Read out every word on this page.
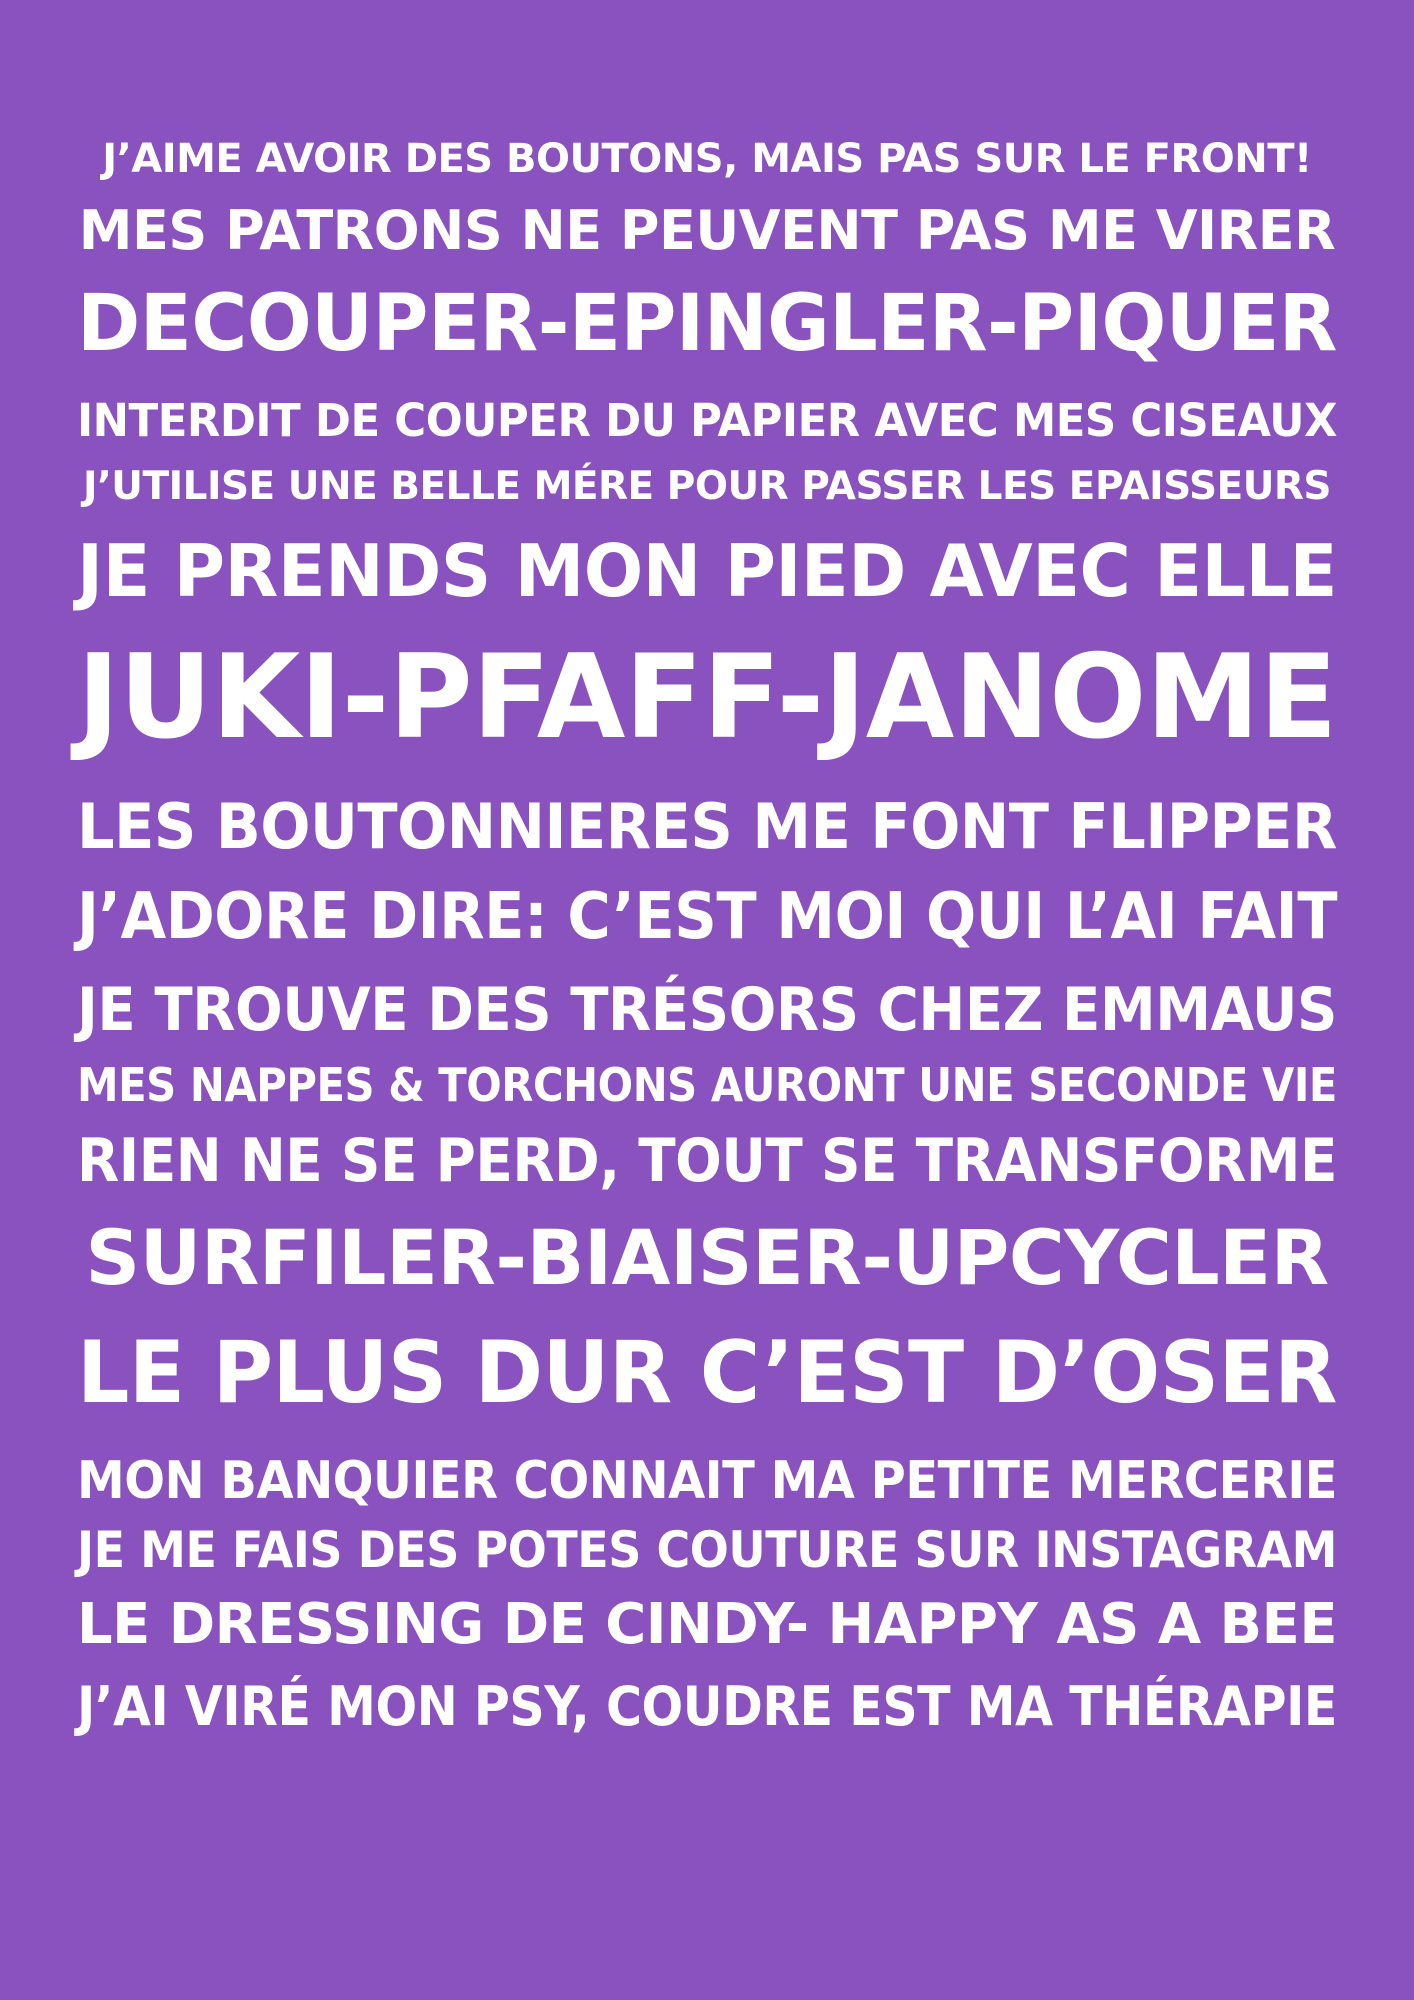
J’AIME AVOIR DES BOUTONS, MAIS PAS SUR LE FRONT!
MES PATRONS NE PEUVENT PAS ME VIRER
DECOUPER-EPINGLER-PIQUER
INTERDIT DE COUPER DU PAPIER AVEC MES CISEAUX
J’UTILISE UNE BELLE MÉRE POUR PASSER LES EPAISSEURS
JE PRENDS MON PIED AVEC ELLE
JUKI-PFAFF-JANOME
LES BOUTONNIERES ME FONT FLIPPER
J’ADORE DIRE: C’EST MOI QUI L’AI FAIT
JE TROUVE DES TRÉSORS CHEZ EMMAUS
MES NAPPES & TORCHONS AURONT UNE SECONDE VIE
RIEN NE SE PERD, TOUT SE TRANSFORME
SURFILER-BIAISER-UPCYCLER
LE PLUS DUR C’EST D’OSER
MON BANQUIER CONNAIT MA PETITE MERCERIE
JE ME FAIS DES POTES COUTURE SUR INSTAGRAM
LE DRESSING DE CINDY- HAPPY AS A BEE
J’AI VIRÉ MON PSY, COUDRE EST MA THÉRAPIE
